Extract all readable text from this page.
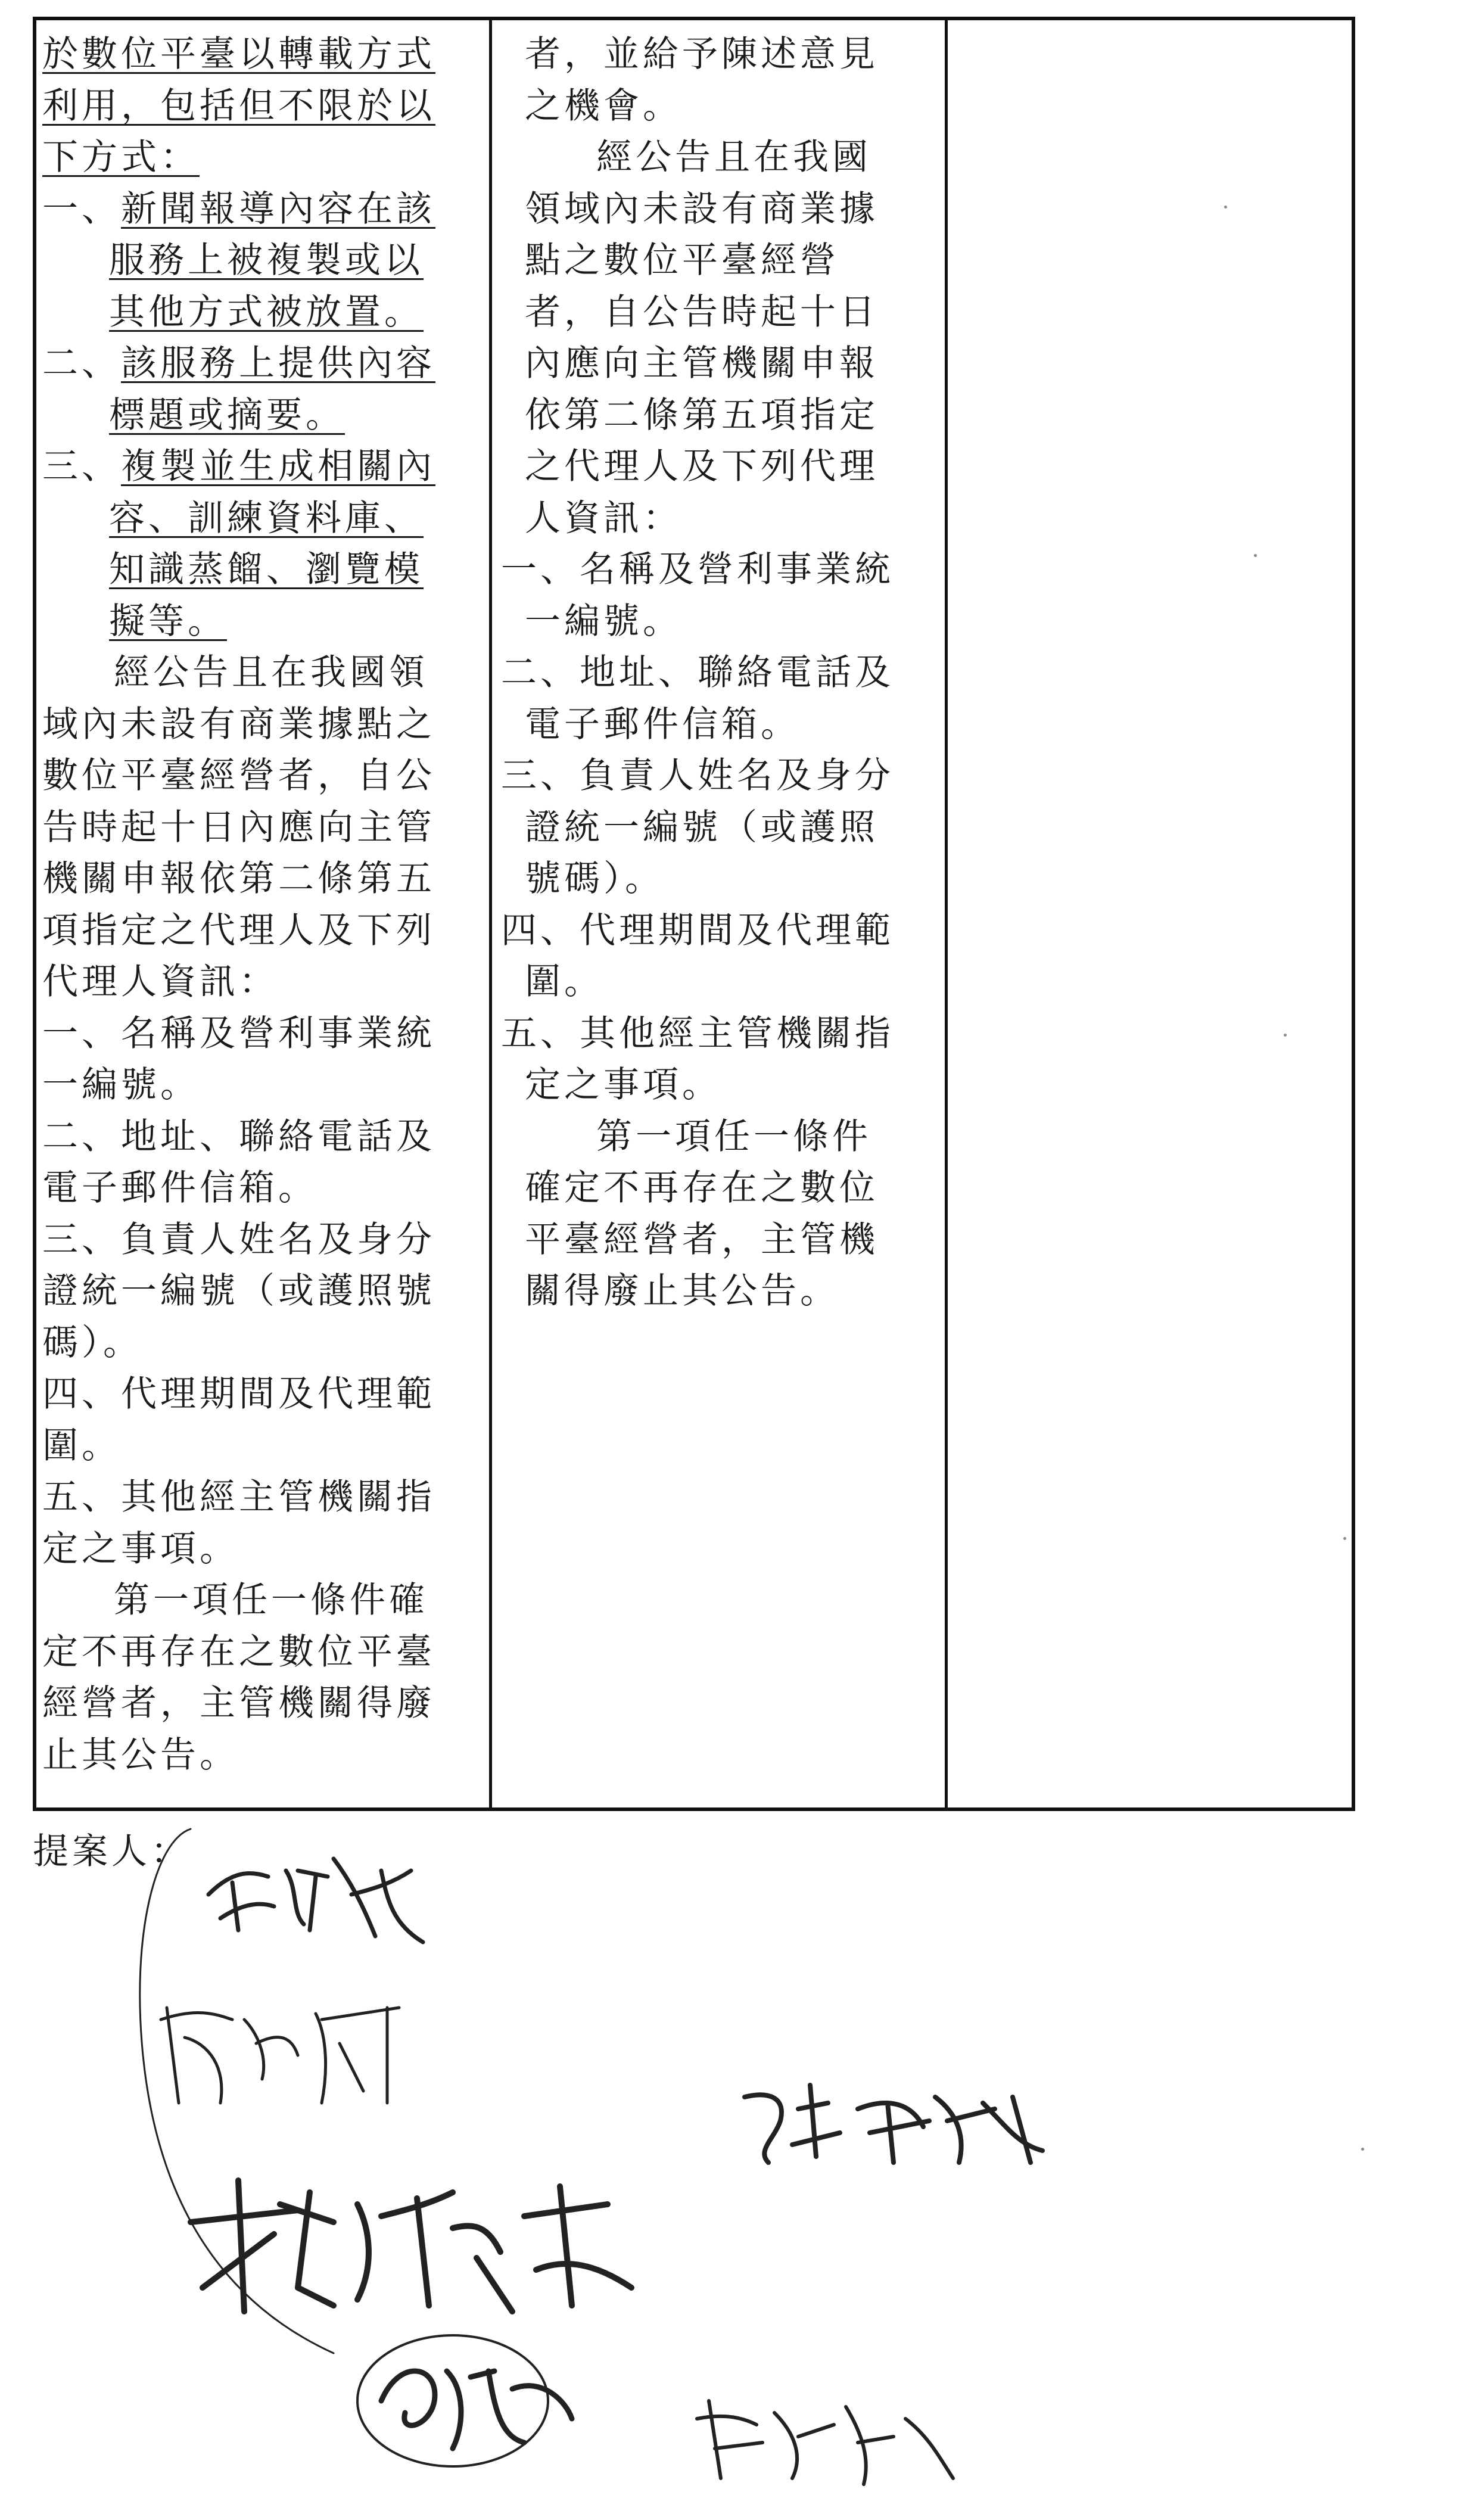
於數位平臺以轉載方式
利用，包括但不限於以
下方式：
一、新聞報導內容在該
服務上被複製或以
其他方式被放置。
二、該服務上提供內容
標題或摘要。
三、複製並生成相關內
容、訓練資料庫、
知識蒸餾、瀏覽模
擬等。
經公告且在我國領
域內未設有商業據點之
數位平臺經營者，自公
告時起十日內應向主管
機關申報依第二條第五
項指定之代理人及下列
代理人資訊：
一、名稱及營利事業統
一編號。
二、地址、聯絡電話及
電子郵件信箱。
三、負責人姓名及身分
證統一編號（或護照號
碼）。
四、代理期間及代理範
圍。
五、其他經主管機關指
定之事項。
第一項任一條件確
定不再存在之數位平臺
經營者，主管機關得廢
止其公告。
者，並給予陳述意見
之機會。
經公告且在我國
領域內未設有商業據
點之數位平臺經營
者，自公告時起十日
內應向主管機關申報
依第二條第五項指定
之代理人及下列代理
人資訊：
一、名稱及營利事業統
一編號。
二、地址、聯絡電話及
電子郵件信箱。
三、負責人姓名及身分
證統一編號（或護照
號碼）。
四、代理期間及代理範
圍。
五、其他經主管機關指
定之事項。
第一項任一條件
確定不再存在之數位
平臺經營者，主管機
關得廢止其公告。
提案人：
